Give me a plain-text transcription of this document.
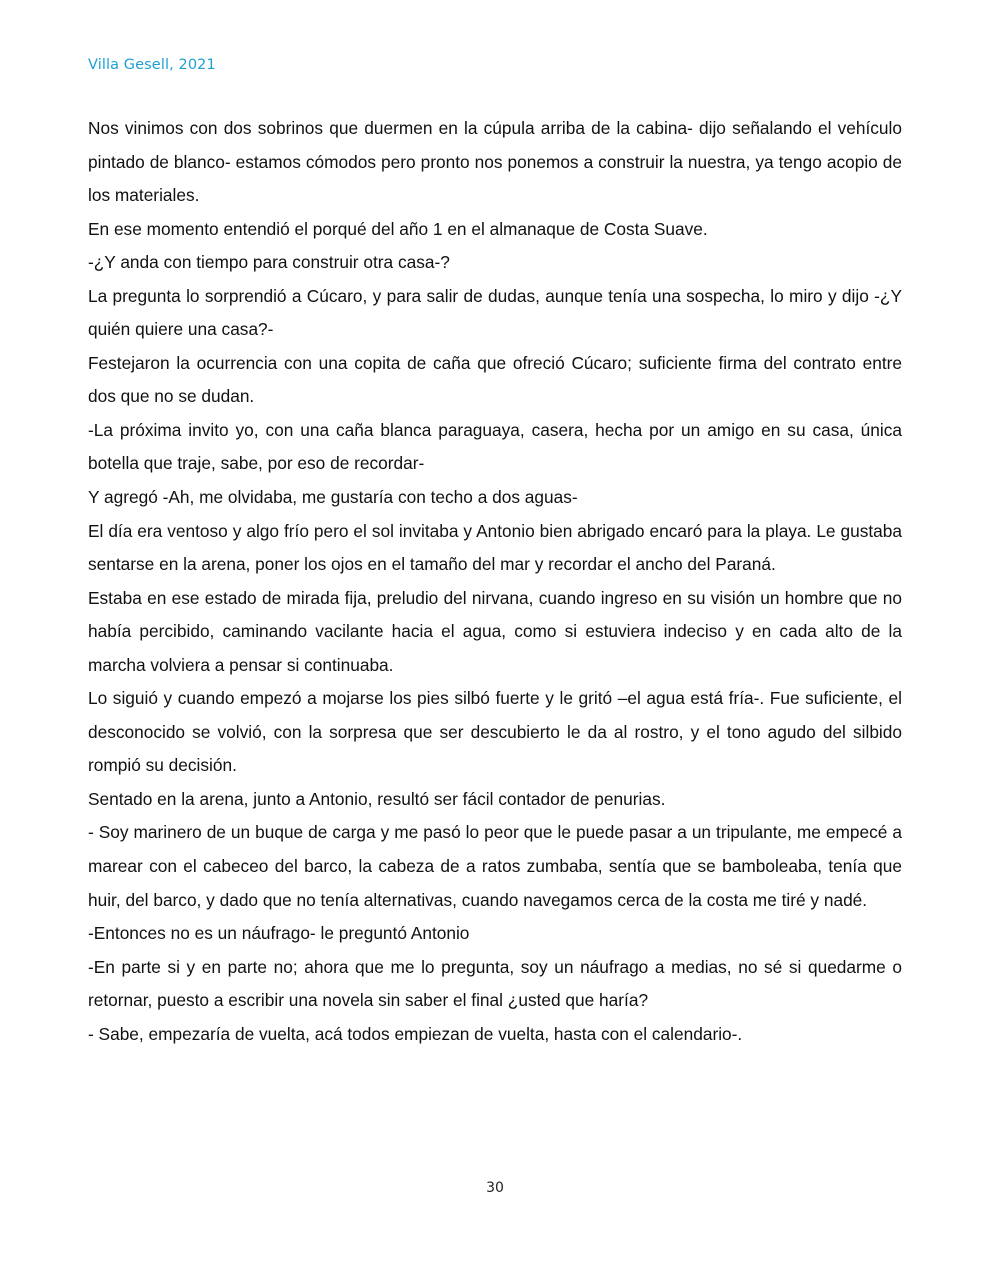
Villa Gesell, 2021

Nos vinimos con dos sobrinos que duermen en la cúpula arriba de la cabina- dijo señalando el vehículo pintado de blanco- estamos cómodos pero pronto nos ponemos a construir la nuestra, ya tengo acopio de los materiales.

En ese momento entendió el porqué del año 1 en el almanaque de Costa Suave.

-¿Y anda con tiempo para construir otra casa-?

La pregunta lo sorprendió a Cúcaro, y para salir de dudas, aunque tenía una sospecha, lo miro y dijo -¿Y quién quiere una casa?-

Festejaron la ocurrencia con una copita de caña que ofreció Cúcaro; suficiente firma del contrato entre dos que no se dudan.

-La próxima invito yo, con una caña blanca paraguaya, casera, hecha por un amigo en su casa, única botella que traje, sabe, por eso de recordar-

Y agregó -Ah, me olvidaba, me gustaría con techo a dos aguas-

El día era ventoso y algo frío pero el sol invitaba y Antonio bien abrigado encaró para la playa. Le gustaba sentarse en la arena, poner los ojos en el tamaño del mar y recordar el ancho del Paraná.

Estaba en ese estado de mirada fija, preludio del nirvana, cuando ingreso en su visión un hombre que no había percibido, caminando vacilante hacia el agua, como si estuviera indeciso y en cada alto de la marcha volviera a pensar si continuaba.

Lo siguió y cuando empezó a mojarse los pies silbó fuerte y le gritó –el agua está fría-. Fue suficiente, el desconocido se volvió, con la sorpresa que ser descubierto le da al rostro, y el tono agudo del silbido rompió su decisión.

Sentado en la arena, junto a Antonio, resultó ser fácil contador de penurias.

- Soy marinero de un buque de carga y me pasó lo peor que le puede pasar a un tripulante, me empecé a marear con el cabeceo del barco, la cabeza de a ratos zumbaba, sentía que se bamboleaba, tenía que huir, del barco, y dado que no tenía alternativas, cuando navegamos cerca de la costa me tiré y nadé.

-Entonces no es un náufrago- le preguntó Antonio

-En parte si y en parte no; ahora que me lo pregunta, soy un náufrago a medias, no sé si quedarme o retornar, puesto a escribir una novela sin saber el final ¿usted que haría?

- Sabe, empezaría de vuelta, acá todos empiezan de vuelta, hasta con el calendario-.

30
